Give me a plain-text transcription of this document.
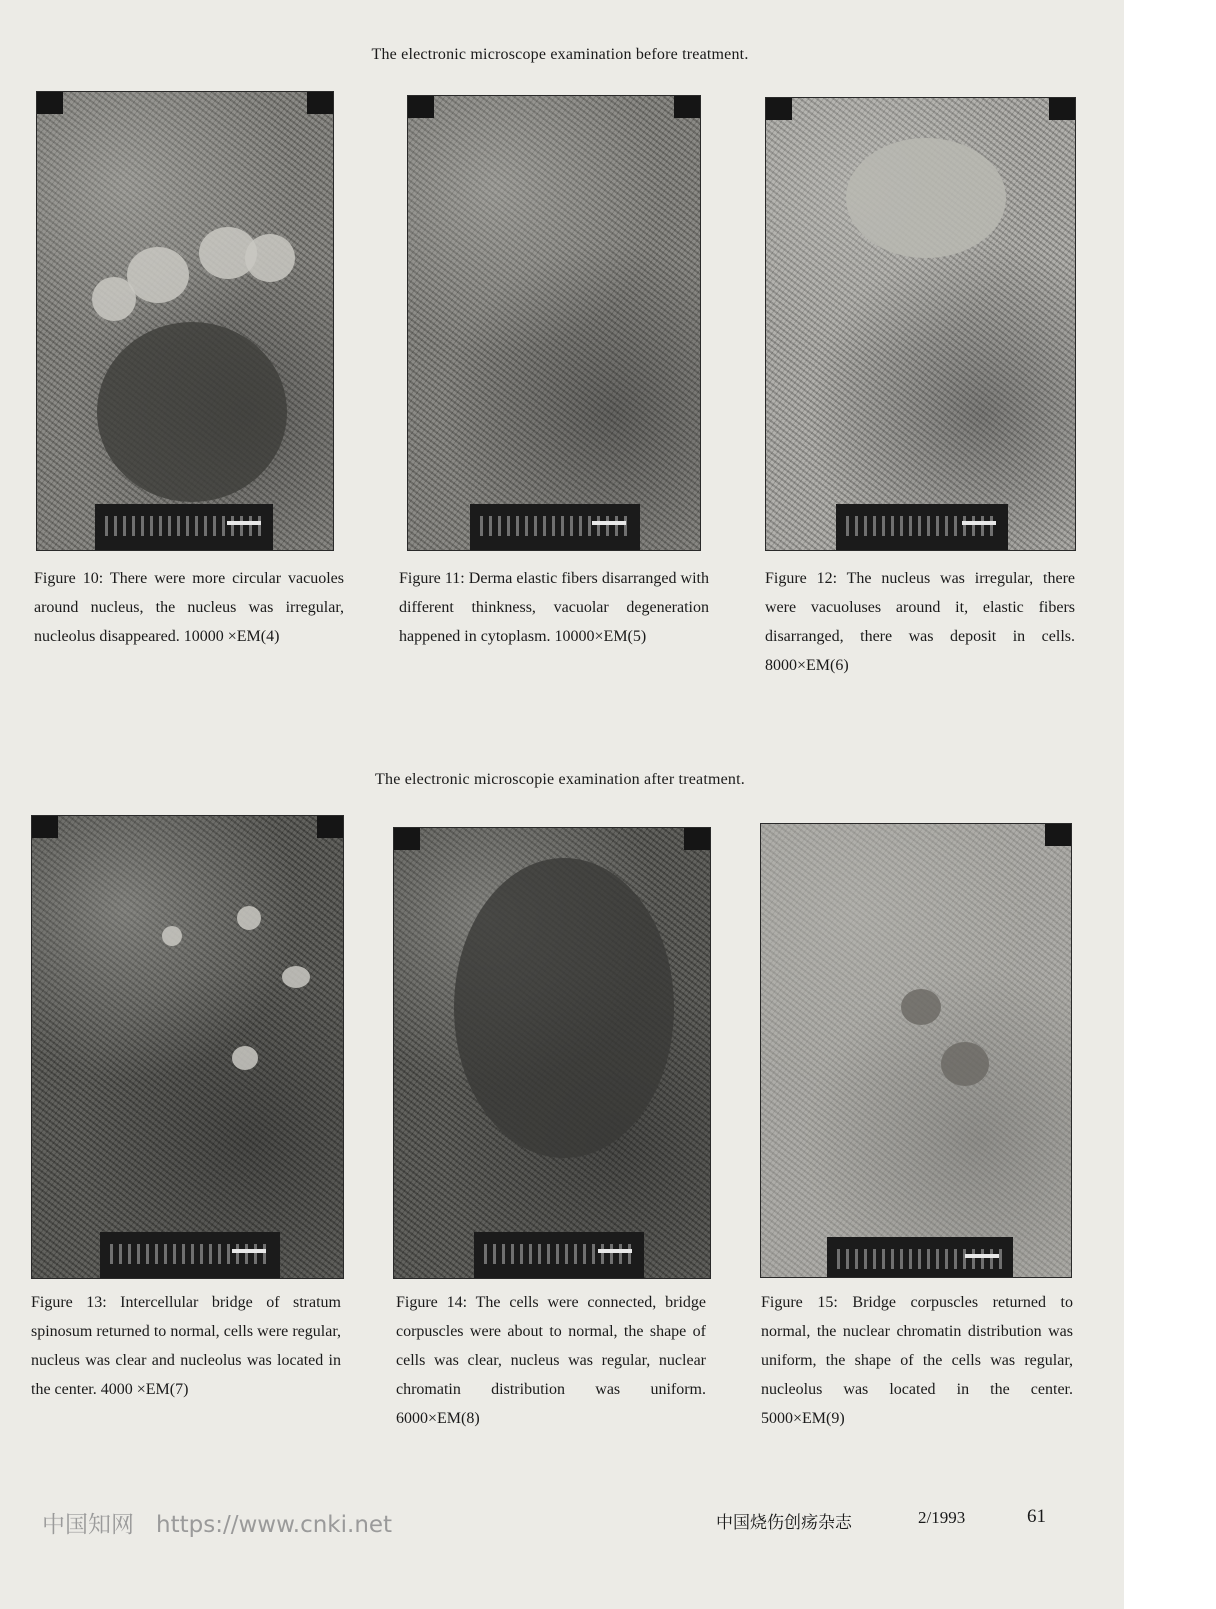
The electronic microscope examination before treatment.
Figure 10: There were more circular vacuoles around nucleus, the nucleus was irregular, nucleolus disappeared. 10000 ×EM(4)
Figure 11: Derma elastic fibers disarranged with different thinkness, vacuolar degeneration happened in cytoplasm. 10000×EM(5)
Figure 12: The nucleus was irregular, there were vacuoluses around it, elastic fibers disarranged, there was deposit in cells. 8000×EM(6)
The electronic microscopie examination after treatment.
Figure 13: Intercellular bridge of stratum spinosum returned to normal, cells were regular, nucleus was clear and nucleolus was located in the center. 4000 ×EM(7)
Figure 14: The cells were connected, bridge corpuscles were about to normal, the shape of cells was clear, nucleus was regular, nuclear chromatin distribution was uniform. 6000×EM(8)
Figure 15: Bridge corpuscles returned to normal, the nuclear chromatin distribution was uniform, the shape of the cells was regular, nucleolus was located in the center. 5000×EM(9)
中国知网 https://www.cnki.net	中国烧伤创疡杂志	2/1993	61
